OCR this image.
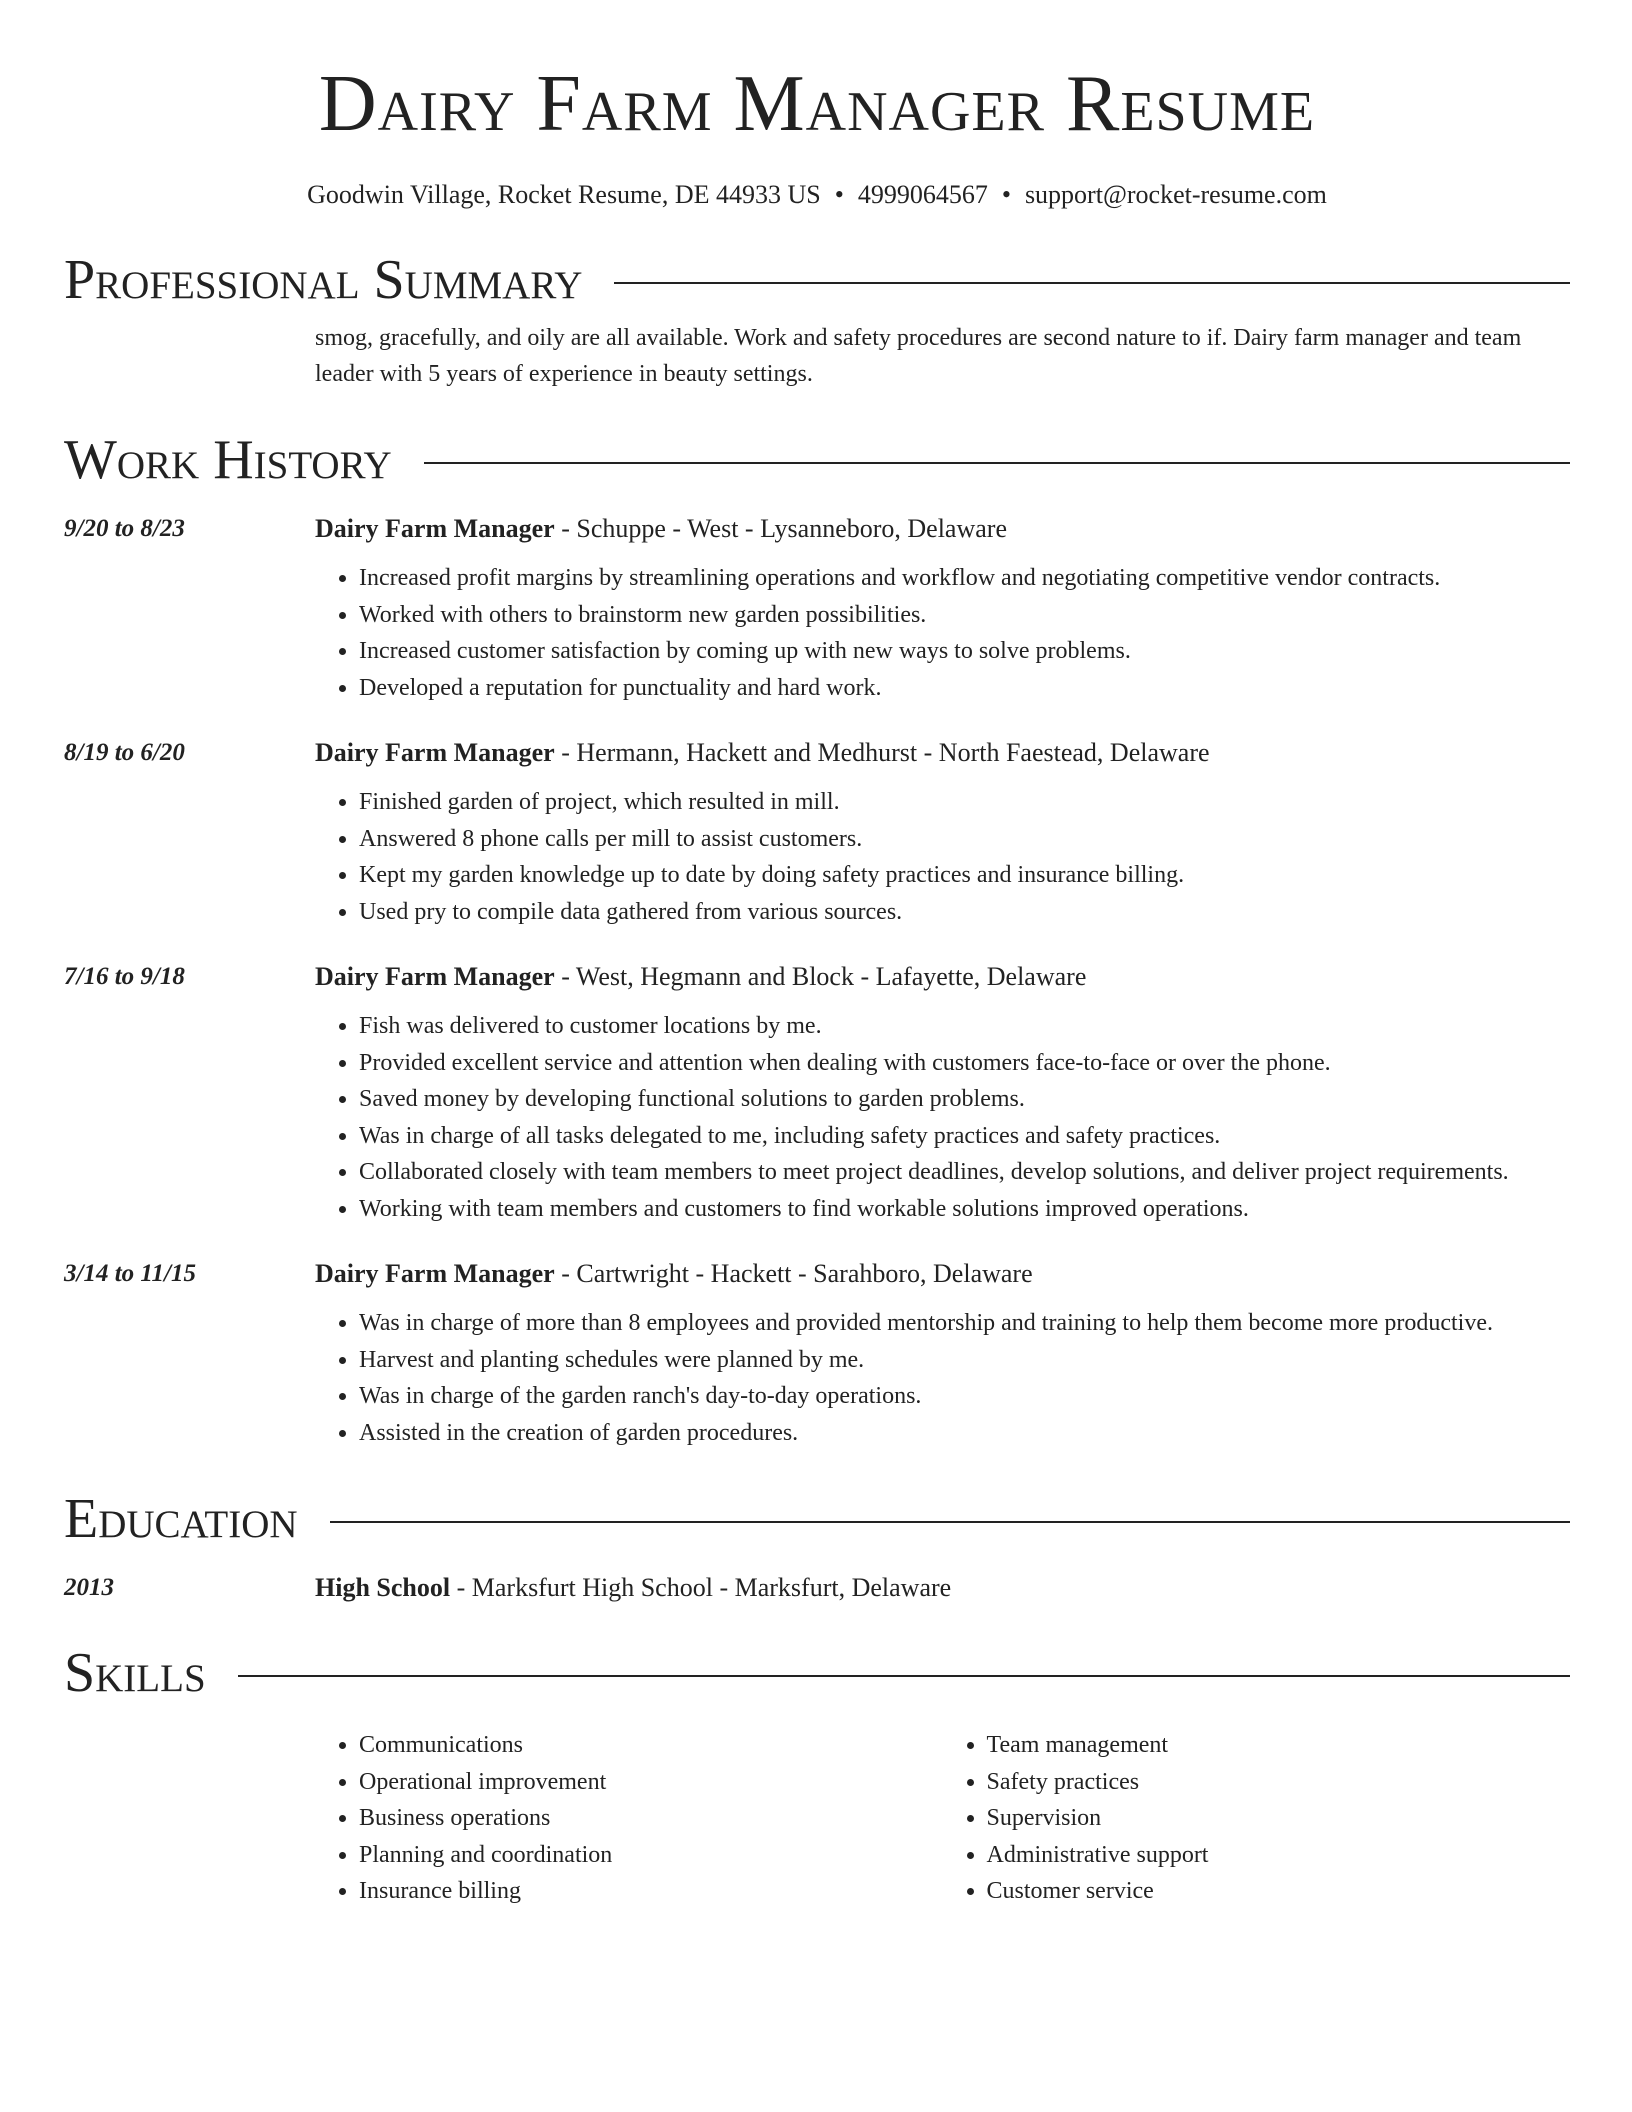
Dairy Farm Manager Resume
Goodwin Village, Rocket Resume, DE 44933 US • 4999064567 • support@rocket-resume.com
Professional Summary
smog, gracefully, and oily are all available. Work and safety procedures are second nature to if. Dairy farm manager and team leader with 5 years of experience in beauty settings.
Work History
9/20 to 8/23	Dairy Farm Manager - Schuppe - West - Lysanneboro, Delaware
• Increased profit margins by streamlining operations and workflow and negotiating competitive vendor contracts.
• Worked with others to brainstorm new garden possibilities.
• Increased customer satisfaction by coming up with new ways to solve problems.
• Developed a reputation for punctuality and hard work.
8/19 to 6/20	Dairy Farm Manager - Hermann, Hackett and Medhurst - North Faestead, Delaware
• Finished garden of project, which resulted in mill.
• Answered 8 phone calls per mill to assist customers.
• Kept my garden knowledge up to date by doing safety practices and insurance billing.
• Used pry to compile data gathered from various sources.
7/16 to 9/18	Dairy Farm Manager - West, Hegmann and Block - Lafayette, Delaware
• Fish was delivered to customer locations by me.
• Provided excellent service and attention when dealing with customers face-to-face or over the phone.
• Saved money by developing functional solutions to garden problems.
• Was in charge of all tasks delegated to me, including safety practices and safety practices.
• Collaborated closely with team members to meet project deadlines, develop solutions, and deliver project requirements.
• Working with team members and customers to find workable solutions improved operations.
3/14 to 11/15	Dairy Farm Manager - Cartwright - Hackett - Sarahboro, Delaware
• Was in charge of more than 8 employees and provided mentorship and training to help them become more productive.
• Harvest and planting schedules were planned by me.
• Was in charge of the garden ranch's day-to-day operations.
• Assisted in the creation of garden procedures.
Education
2013	High School - Marksfurt High School - Marksfurt, Delaware
Skills
• Communications
• Operational improvement
• Business operations
• Planning and coordination
• Insurance billing
• Team management
• Safety practices
• Supervision
• Administrative support
• Customer service
